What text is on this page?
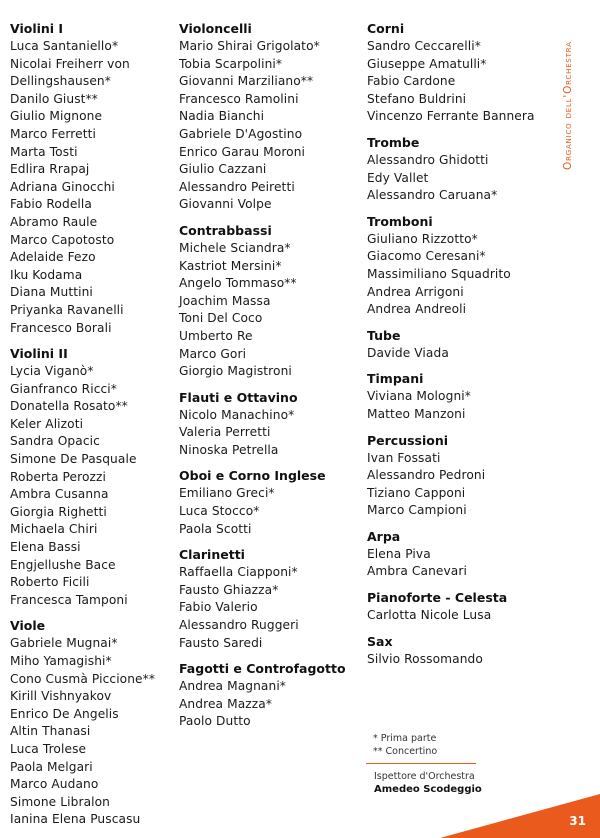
Violini I
Luca Santaniello*
Nicolai Freiherr von
Dellingshausen*
Danilo Giust**
Giulio Mignone
Marco Ferretti
Marta Tosti
Edlira Rrapaj
Adriana Ginocchi
Fabio Rodella
Abramo Raule
Marco Capotosto
Adelaide Fezo
Iku Kodama
Diana Muttini
Priyanka Ravanelli
Francesco Borali
Violini II
Lycia Viganò*
Gianfranco Ricci*
Donatella Rosato**
Keler Alizoti
Sandra Opacic
Simone De Pasquale
Roberta Perozzi
Ambra Cusanna
Giorgia Righetti
Michaela Chiri
Elena Bassi
Engjellushe Bace
Roberto Ficili
Francesca Tamponi
Viole
Gabriele Mugnai*
Miho Yamagishi*
Cono Cusmà Piccione**
Kirill Vishnyakov
Enrico De Angelis
Altin Thanasi
Luca Trolese
Paola Melgari
Marco Audano
Simone Libralon
Ianina Elena Puscasu
Violoncelli
Mario Shirai Grigolato*
Tobia Scarpolini*
Giovanni Marziliano**
Francesco Ramolini
Nadia Bianchi
Gabriele D'Agostino
Enrico Garau Moroni
Giulio Cazzani
Alessandro Peiretti
Giovanni Volpe
Contrabbassi
Michele Sciandra*
Kastriot Mersini*
Angelo Tommaso**
Joachim Massa
Toni Del Coco
Umberto Re
Marco Gori
Giorgio Magistroni
Flauti e Ottavino
Nicolo Manachino*
Valeria Perretti
Ninoska Petrella
Oboi e Corno Inglese
Emiliano Greci*
Luca Stocco*
Paola Scotti
Clarinetti
Raffaella Ciapponi*
Fausto Ghiazza*
Fabio Valerio
Alessandro Ruggeri
Fausto Saredi
Fagotti e Controfagotto
Andrea Magnani*
Andrea Mazza*
Paolo Dutto
Corni
Sandro Ceccarelli*
Giuseppe Amatulli*
Fabio Cardone
Stefano Buldrini
Vincenzo Ferrante Bannera
Trombe
Alessandro Ghidotti
Edy Vallet
Alessandro Caruana*
Tromboni
Giuliano Rizzotto*
Giacomo Ceresani*
Massimiliano Squadrito
Andrea Arrigoni
Andrea Andreoli
Tube
Davide Viada
Timpani
Viviana Mologni*
Matteo Manzoni
Percussioni
Ivan Fossati
Alessandro Pedroni
Tiziano Capponi
Marco Campioni
Arpa
Elena Piva
Ambra Canevari
Pianoforte - Celesta
Carlotta Nicole Lusa
Sax
Silvio Rossomando
* Prima parte
** Concertino
Ispettore d'Orchestra
Amedeo Scodeggio
Organico dell'Orchestra
31
